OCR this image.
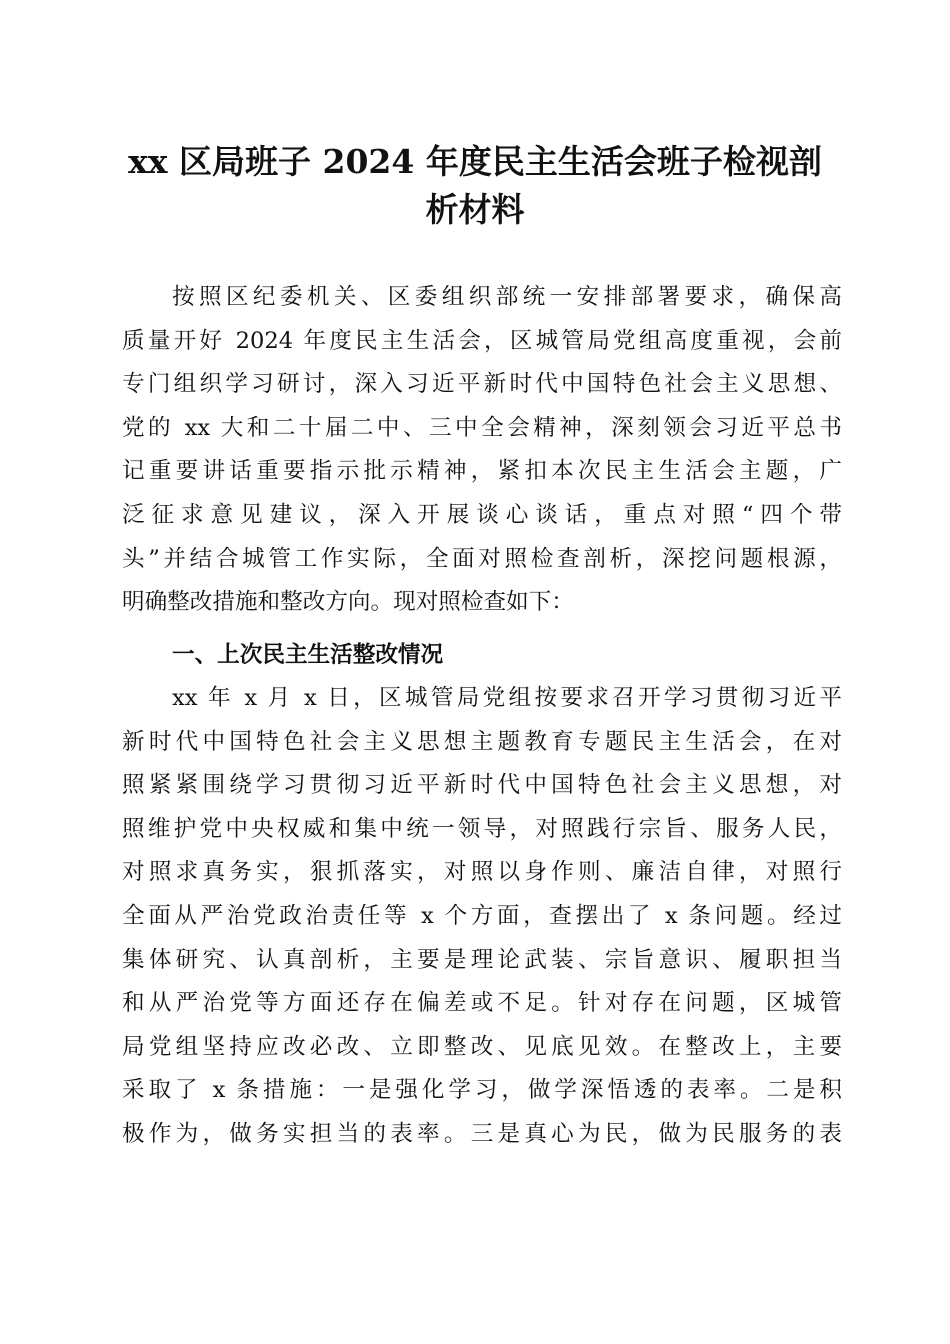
xx 区局班子 2024 年度民主生活会班子检视剖
析材料
按照区纪委机关、区委组织部统一安排部署要求，确保高
质量开好 2024 年度民主生活会，区城管局党组高度重视，会前
专门组织学习研讨，深入习近平新时代中国特色社会主义思想、
党的 xx 大和二十届二中、三中全会精神，深刻领会习近平总书
记重要讲话重要指示批示精神，紧扣本次民主生活会主题，广
泛征求意见建议，深入开展谈心谈话，重点对照“四个带
头”并结合城管工作实际，全面对照检查剖析，深挖问题根源，
明确整改措施和整改方向。现对照检查如下：
一、上次民主生活整改情况
xx 年 x 月 x 日，区城管局党组按要求召开学习贯彻习近平
新时代中国特色社会主义思想主题教育专题民主生活会，在对
照紧紧围绕学习贯彻习近平新时代中国特色社会主义思想，对
照维护党中央权威和集中统一领导，对照践行宗旨、服务人民，
对照求真务实，狠抓落实，对照以身作则、廉洁自律，对照行
全面从严治党政治责任等 x 个方面，查摆出了 x 条问题。经过
集体研究、认真剖析，主要是理论武装、宗旨意识、履职担当
和从严治党等方面还存在偏差或不足。针对存在问题，区城管
局党组坚持应改必改、立即整改、见底见效。在整改上，主要
采取了 x 条措施：一是强化学习，做学深悟透的表率。二是积
极作为，做务实担当的表率。三是真心为民，做为民服务的表
